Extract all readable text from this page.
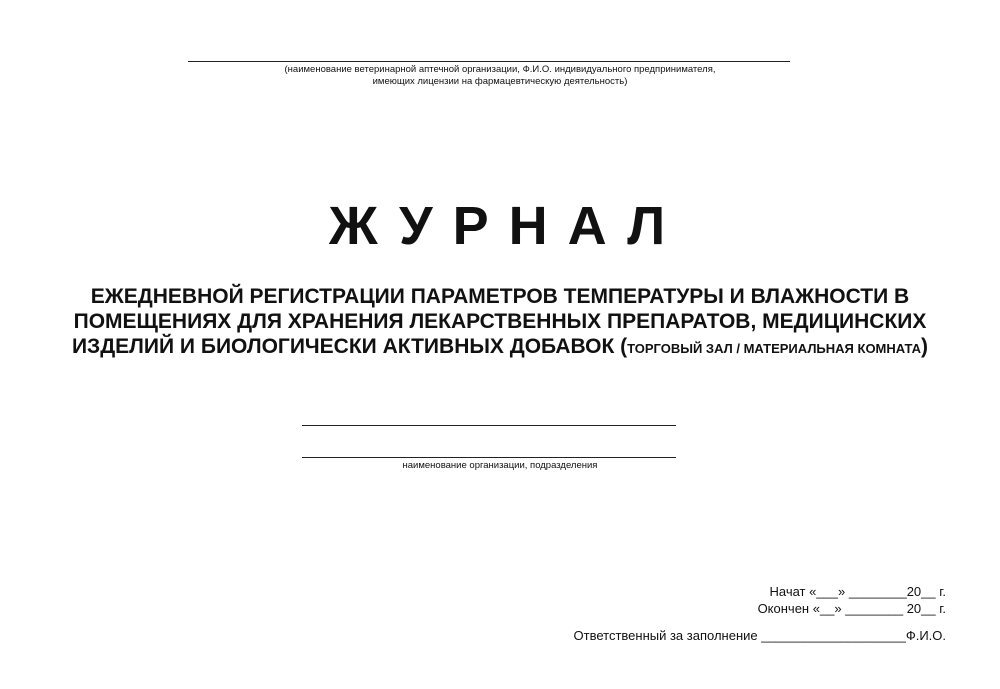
(наименование ветеринарной аптечной организации, Ф.И.О. индивидуального предпринимателя,
имеющих лицензии на фармацевтическую деятельность)
ЖУРНАЛ
ЕЖЕДНЕВНОЙ РЕГИСТРАЦИИ ПАРАМЕТРОВ ТЕМПЕРАТУРЫ И ВЛАЖНОСТИ В ПОМЕЩЕНИЯХ ДЛЯ ХРАНЕНИЯ ЛЕКАРСТВЕННЫХ ПРЕПАРАТОВ, МЕДИЦИНСКИХ ИЗДЕЛИЙ И БИОЛОГИЧЕСКИ АКТИВНЫХ ДОБАВОК (ТОРГОВЫЙ ЗАЛ / МАТЕРИАЛЬНАЯ КОМНАТА)
наименование организации, подразделения
Начат «___» ________20__ г.
Окончен «__» ________ 20__ г.
Ответственный за заполнение ____________________Ф.И.О.
